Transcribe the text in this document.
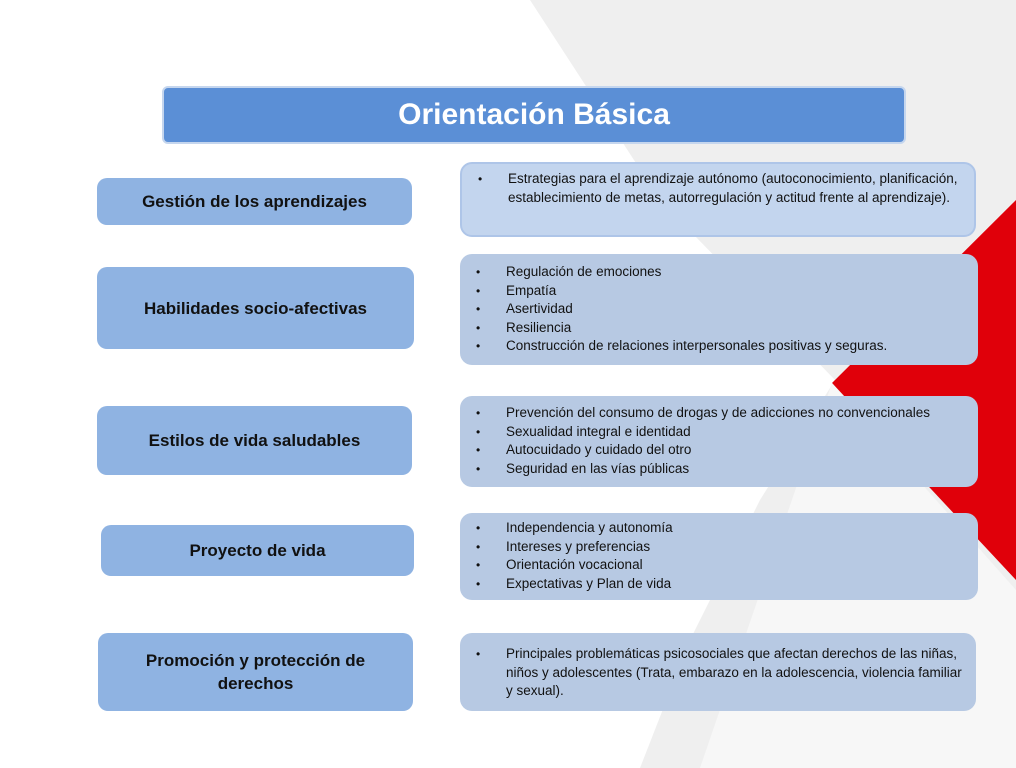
Orientación Básica
Gestión de los aprendizajes
• Estrategias para el aprendizaje autónomo (autoconocimiento, planificación, establecimiento de metas, autorregulación y actitud frente al aprendizaje).
Habilidades socio-afectivas
• Regulación de emociones
• Empatía
• Asertividad
• Resiliencia
• Construcción de relaciones interpersonales positivas y seguras.
Estilos de vida saludables
• Prevención del consumo de drogas y de adicciones no convencionales
• Sexualidad integral e identidad
• Autocuidado y cuidado del otro
• Seguridad en las vías públicas
Proyecto de vida
• Independencia y autonomía
• Intereses y preferencias
• Orientación vocacional
• Expectativas y Plan de vida
Promoción y protección de derechos
• Principales problemáticas psicosociales que afectan derechos de las niñas, niños y adolescentes (Trata, embarazo en la adolescencia, violencia familiar y sexual).
